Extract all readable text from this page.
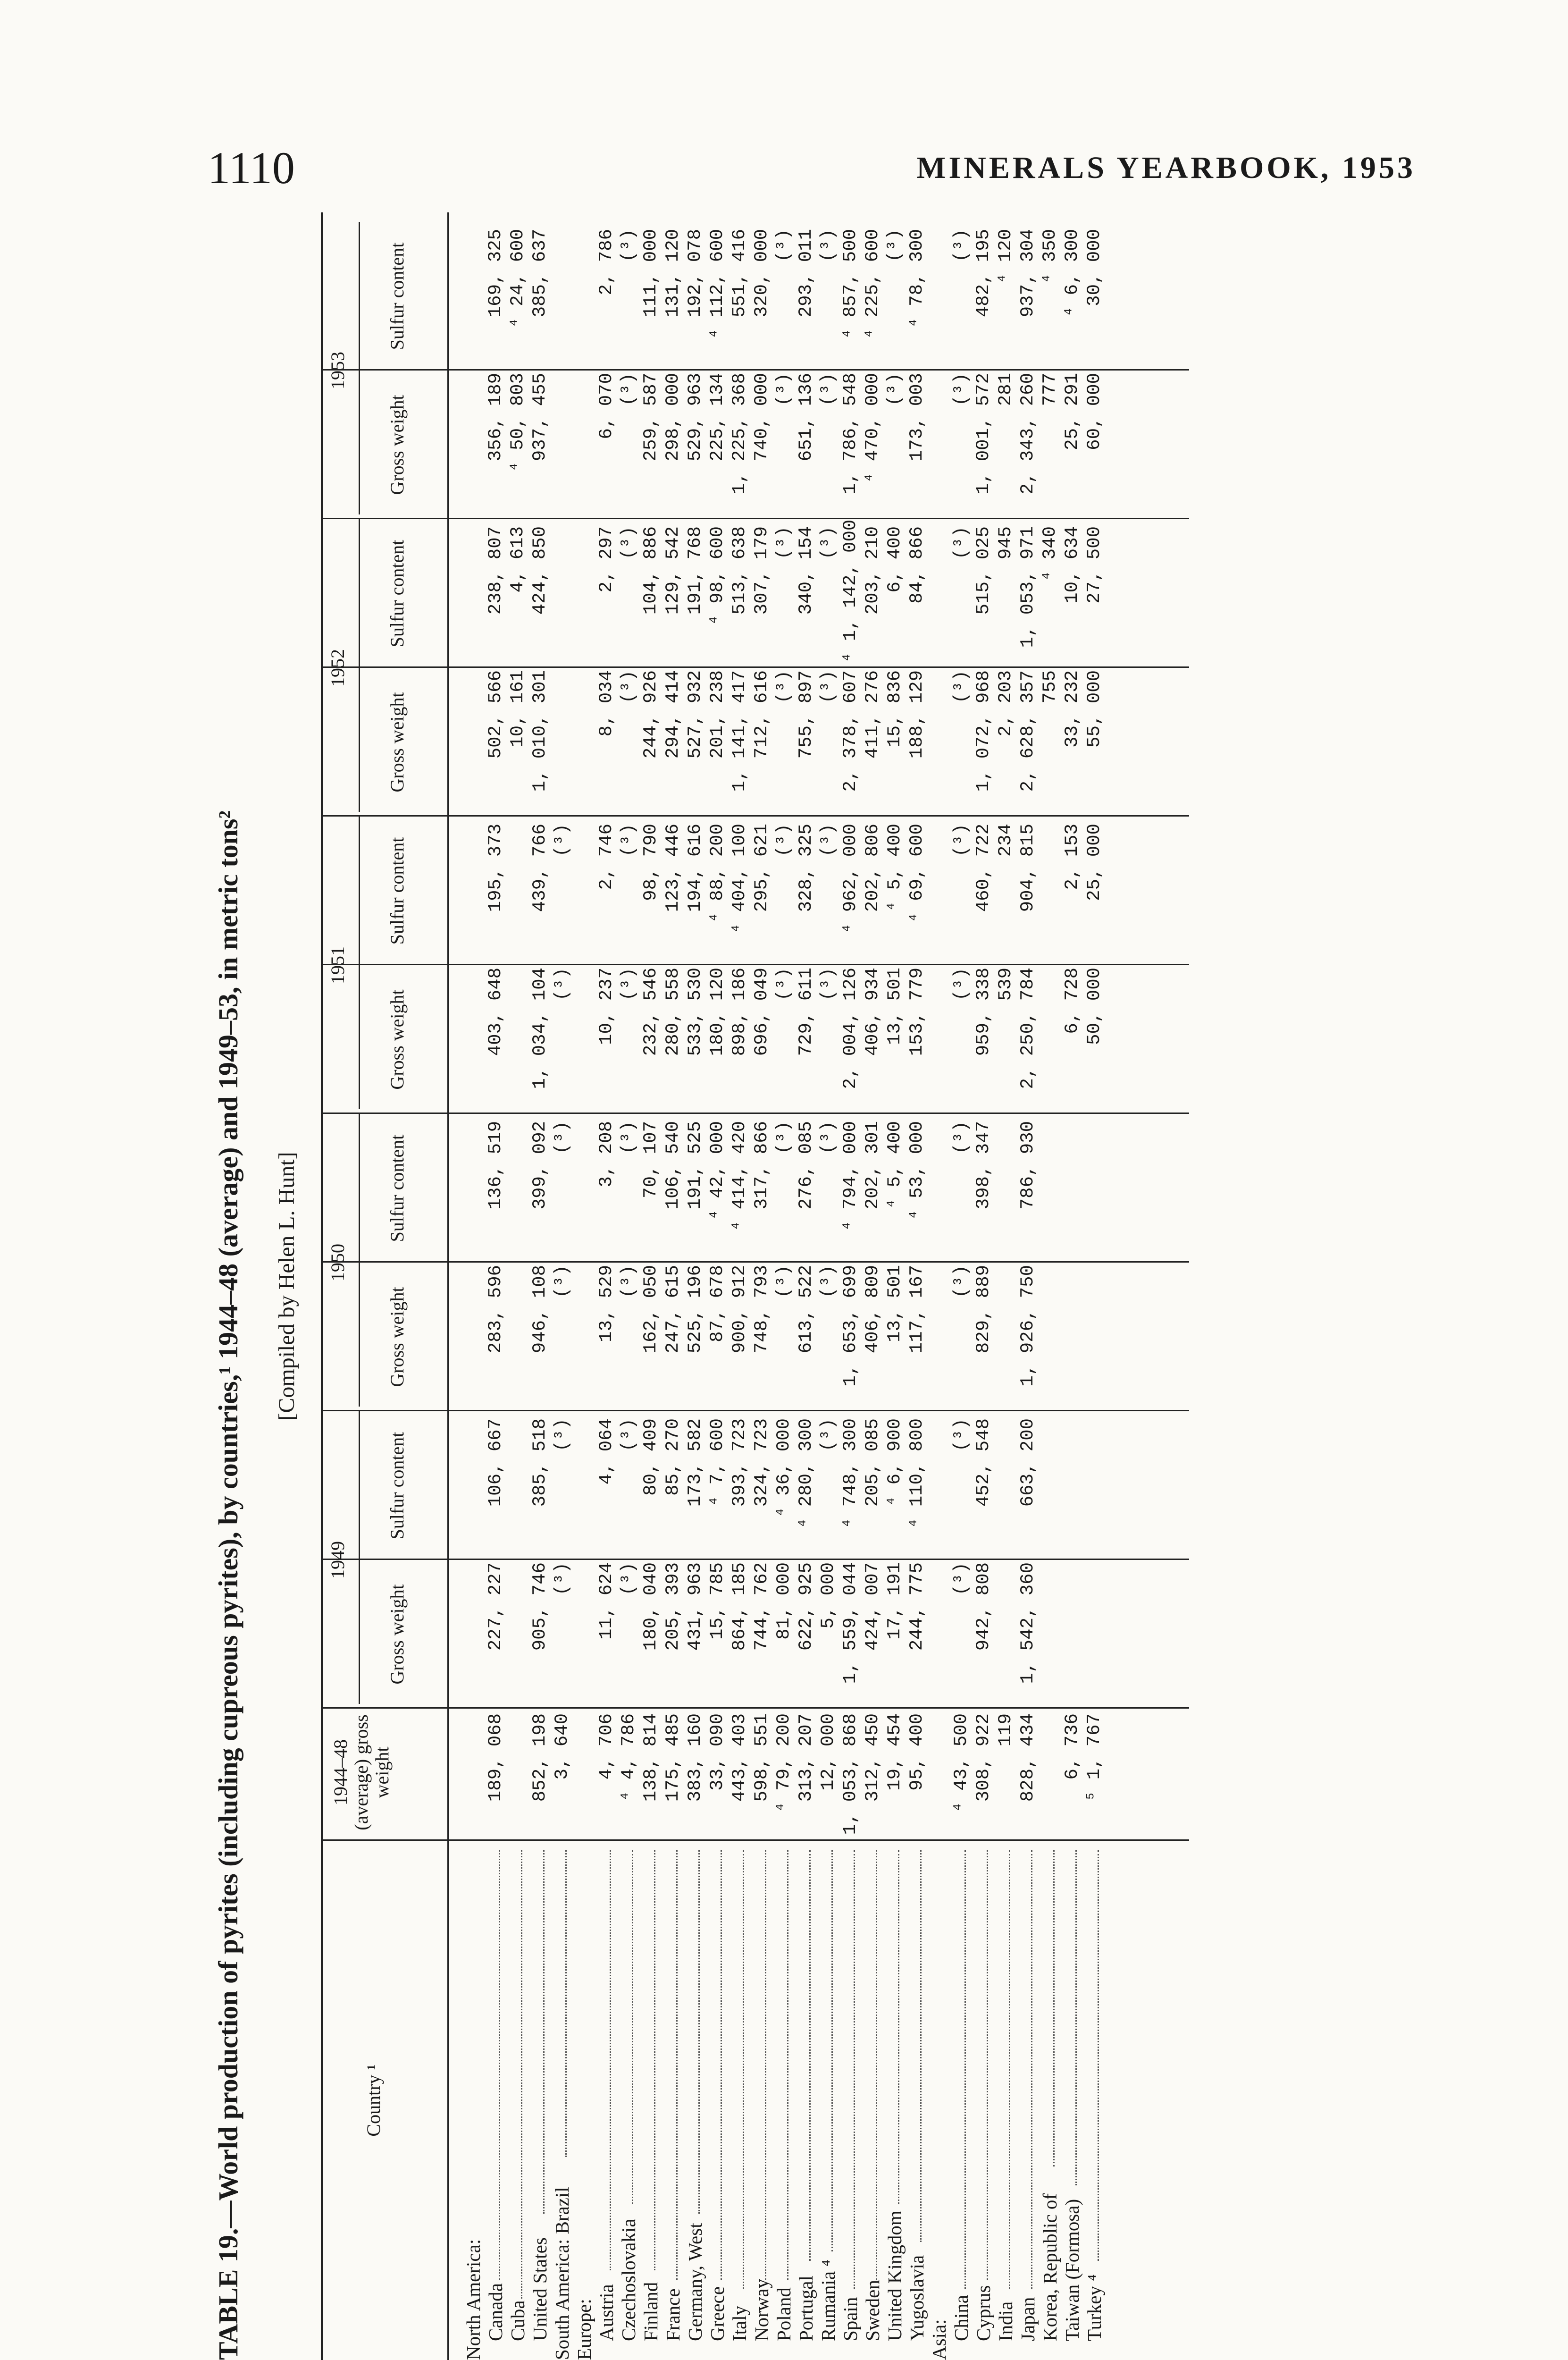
1110	MINERALS YEARBOOK, 1953
TABLE 19.—World production of pyrites (including cupreous pyrites), by countries,¹ 1944–48 (average) and 1949–53, in metric tons²	[Compiled by Helen L. Hunt]
Country ¹
1944–48 (average) gross weight
1949
Gross weight
Sulfur content
1950
Gross weight
Sulfur content
1951
Gross weight
Sulfur content
1952
Gross weight
Sulfur content
1953
Gross weight
Sulfur content
North America: Canada
189, 068
227, 227
106, 667
283, 596
136, 519
403, 648
195, 373
502, 566
238, 807
356, 189
169, 325
Cuba
10, 161
4, 613
⁴ 50, 803
⁴ 24, 600
United States
852, 198
905, 746
385, 518
946, 108
399, 092
1, 034, 104
439, 766
1, 010, 301
424, 850
937, 455
385, 637
South America: Brazil
3, 640
(³)
(³)
(³)
(³)
(³)
(³)
Europe: Austria
4, 706
11, 624
4, 064
13, 529
3, 208
10, 237
2, 746
8, 034
2, 297
6, 070
2, 786
Czechoslovakia
⁴ 4, 786
(³)
(³)
(³)
(³)
(³)
(³)
(³)
(³)
(³)
(³)
Finland
138, 814
180, 040
80, 409
162, 050
70, 107
232, 546
98, 790
244, 926
104, 886
259, 587
111, 000
France
175, 485
205, 393
85, 270
247, 615
106, 540
280, 558
123, 446
294, 414
129, 542
298, 000
131, 120
Germany, West
383, 160
431, 963
173, 582
525, 196
191, 525
533, 530
194, 616
527, 932
191, 768
529, 963
192, 078
Greece
33, 090
15, 785
⁴ 7, 600
87, 678
⁴ 42, 000
180, 120
⁴ 88, 200
201, 238
⁴ 98, 600
225, 134
⁴ 112, 600
Italy
443, 403
864, 185
393, 723
900, 912
⁴ 414, 420
898, 186
⁴ 404, 100
1, 141, 417
513, 638
1, 225, 368
551, 416
Norway
598, 551
744, 762
324, 723
748, 793
317, 866
696, 049
295, 621
712, 616
307, 179
740, 000
320, 000
Poland
⁴ 79, 200
81, 000
⁴ 36, 000
(³)
(³)
(³)
(³)
(³)
(³)
(³)
(³)
Portugal
313, 207
622, 925
⁴ 280, 300
613, 522
276, 085
729, 611
328, 325
755, 897
340, 154
651, 136
293, 011
Rumania ⁴
12, 000
5, 000
(³)
(³)
(³)
(³)
(³)
(³)
(³)
(³)
(³)
Spain
1, 053, 868
1, 559, 044
⁴ 748, 300
1, 653, 699
⁴ 794, 000
2, 004, 126
⁴ 962, 000
2, 378, 607
⁴ 1, 142, 000
1, 786, 548
⁴ 857, 500
Sweden
312, 450
424, 007
205, 085
406, 809
202, 301
406, 934
202, 806
411, 276
203, 210
⁴ 470, 000
⁴ 225, 600
United Kingdom
19, 454
17, 191
⁴ 6, 900
13, 501
⁴ 5, 400
13, 501
⁴ 5, 400
15, 836
6, 400
(³)
(³)
Yugoslavia
95, 400
244, 775
⁴ 110, 800
117, 167
⁴ 53, 000
153, 779
⁴ 69, 600
188, 129
84, 866
173, 003
⁴ 78, 300
Asia: China
⁴ 43, 500
(³)
(³)
(³)
(³)
(³)
(³)
(³)
(³)
(³)
(³)
Cyprus
308, 922
942, 808
452, 548
829, 889
398, 347
959, 338
460, 722
1, 072, 968
515, 025
1, 001, 572
482, 195
India
119
539
234
2, 203
945
281
⁴ 120
Japan
828, 434
1, 542, 360
663, 200
1, 926, 750
786, 930
2, 250, 784
904, 815
2, 628, 357
1, 053, 971
2, 343, 260
937, 304
Korea, Republic of
755
⁴ 340
777
⁴ 350
Taiwan (Formosa)
6, 736
6, 728
2, 153
33, 232
10, 634
25, 291
⁴ 6, 300
Turkey ⁴
⁵ 1, 767
50, 000
25, 000
55, 000
27, 500
60, 000
30, 000
